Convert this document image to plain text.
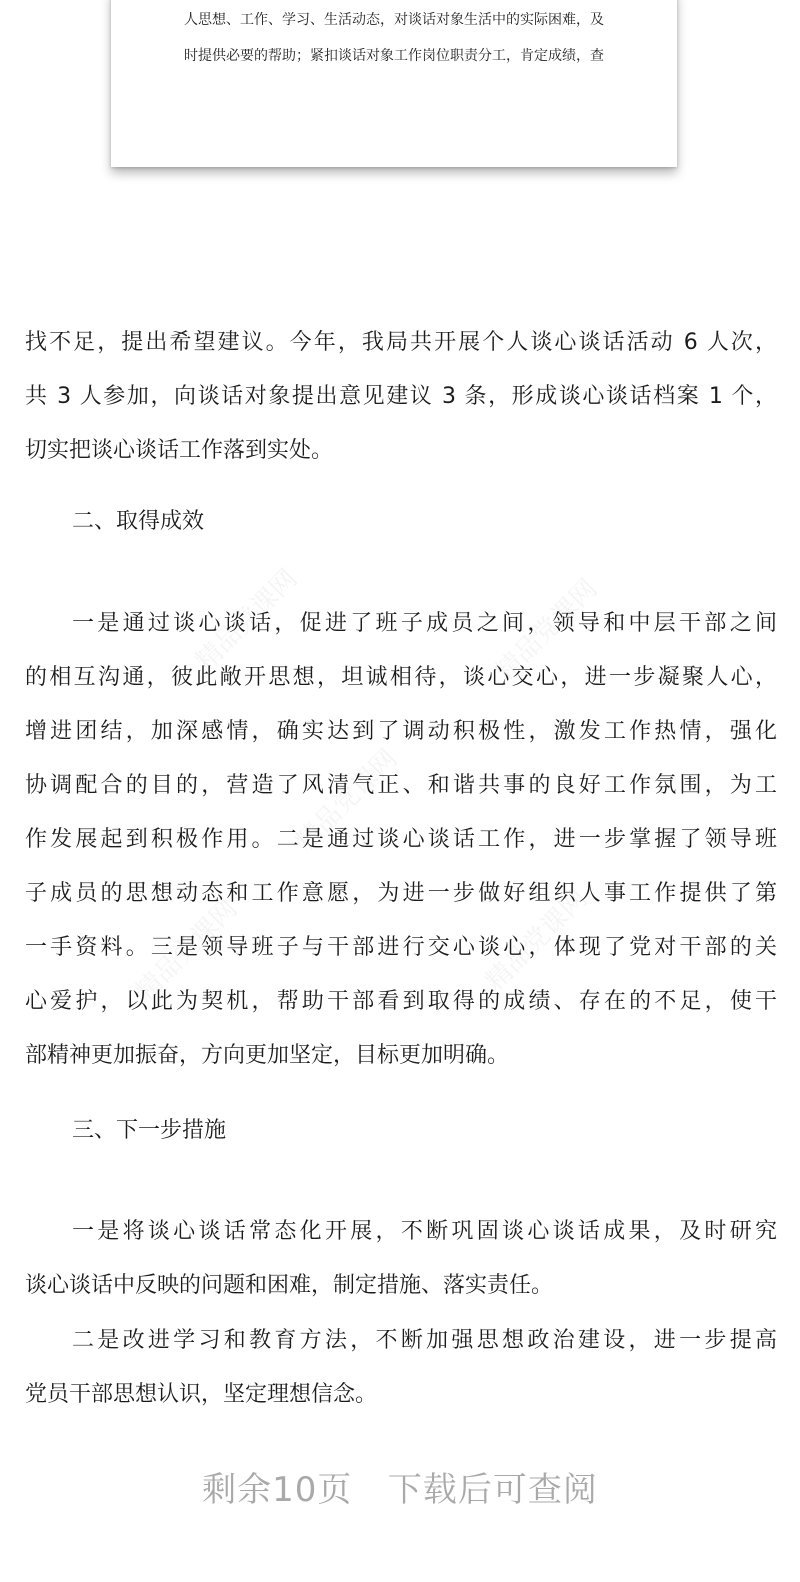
人思想、工作、学习、生活动态，对谈话对象生活中的实际困难，及
时提供必要的帮助；紧扣谈话对象工作岗位职责分工，肯定成绩，查
精品党课网	精品党课网
精品党课网
精品党课网	精品党课网
找不足，提出希望建议。今年，我局共开展个人谈心谈话活动 6 人次，
共 3 人参加，向谈话对象提出意见建议 3 条，形成谈心谈话档案 1 个，
切实把谈心谈话工作落到实处。
二、取得成效
一是通过谈心谈话，促进了班子成员之间，领导和中层干部之间
的相互沟通，彼此敞开思想，坦诚相待，谈心交心，进一步凝聚人心，
增进团结，加深感情，确实达到了调动积极性，激发工作热情，强化
协调配合的目的，营造了风清气正、和谐共事的良好工作氛围，为工
作发展起到积极作用。二是通过谈心谈话工作，进一步掌握了领导班
子成员的思想动态和工作意愿，为进一步做好组织人事工作提供了第
一手资料。三是领导班子与干部进行交心谈心，体现了党对干部的关
心爱护，以此为契机，帮助干部看到取得的成绩、存在的不足，使干
部精神更加振奋，方向更加坚定，目标更加明确。
三、下一步措施
一是将谈心谈话常态化开展，不断巩固谈心谈话成果，及时研究
谈心谈话中反映的问题和困难，制定措施、落实责任。
二是改进学习和教育方法，不断加强思想政治建设，进一步提高
党员干部思想认识，坚定理想信念。
剩余10页 下载后可查阅
